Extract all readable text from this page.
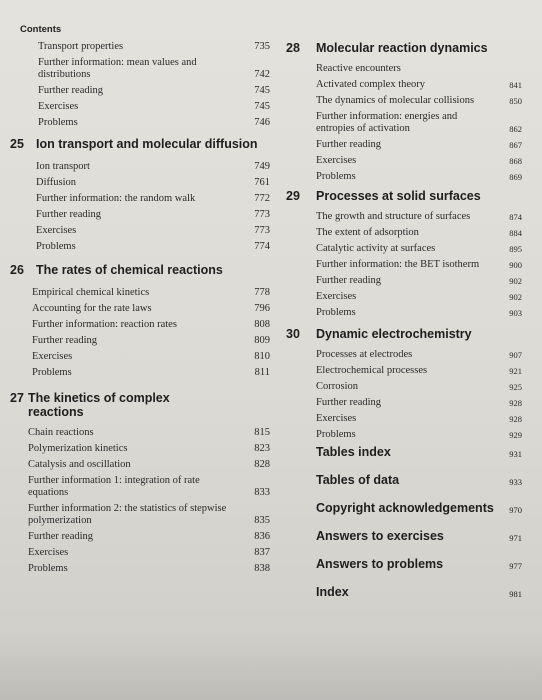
Contents
Transport properties	735
Further information: mean values and distributions	742
Further reading	745
Exercises	745
Problems	746
25 Ion transport and molecular diffusion
Ion transport	749
Diffusion	761
Further information: the random walk	772
Further reading	773
Exercises	773
Problems	774
26 The rates of chemical reactions
Empirical chemical kinetics	778
Accounting for the rate laws	796
Further information: reaction rates	808
Further reading	809
Exercises	810
Problems	811
27 The kinetics of complex reactions
Chain reactions	815
Polymerization kinetics	823
Catalysis and oscillation	828
Further information 1: integration of rate equations	833
Further information 2: the statistics of stepwise polymerization	835
Further reading	836
Exercises	837
Problems	838
28	Molecular reaction dynamics
Reactive encounters
Activated complex theory	841
The dynamics of molecular collisions	850
Further information: energies and entropies of activation	862
Further reading	867
Exercises	868
Problems	869
29	Processes at solid surfaces
The growth and structure of surfaces	874
The extent of adsorption	884
Catalytic activity at surfaces	895
Further information: the BET isotherm	900
Further reading	902
Exercises	902
Problems	903
30	Dynamic electrochemistry
Processes at electrodes	907
Electrochemical processes	921
Corrosion	925
Further reading	928
Exercises	928
Problems	929
Tables index	931
Tables of data	933
Copyright acknowledgements	970
Answers to exercises	971
Answers to problems	977
Index	981
